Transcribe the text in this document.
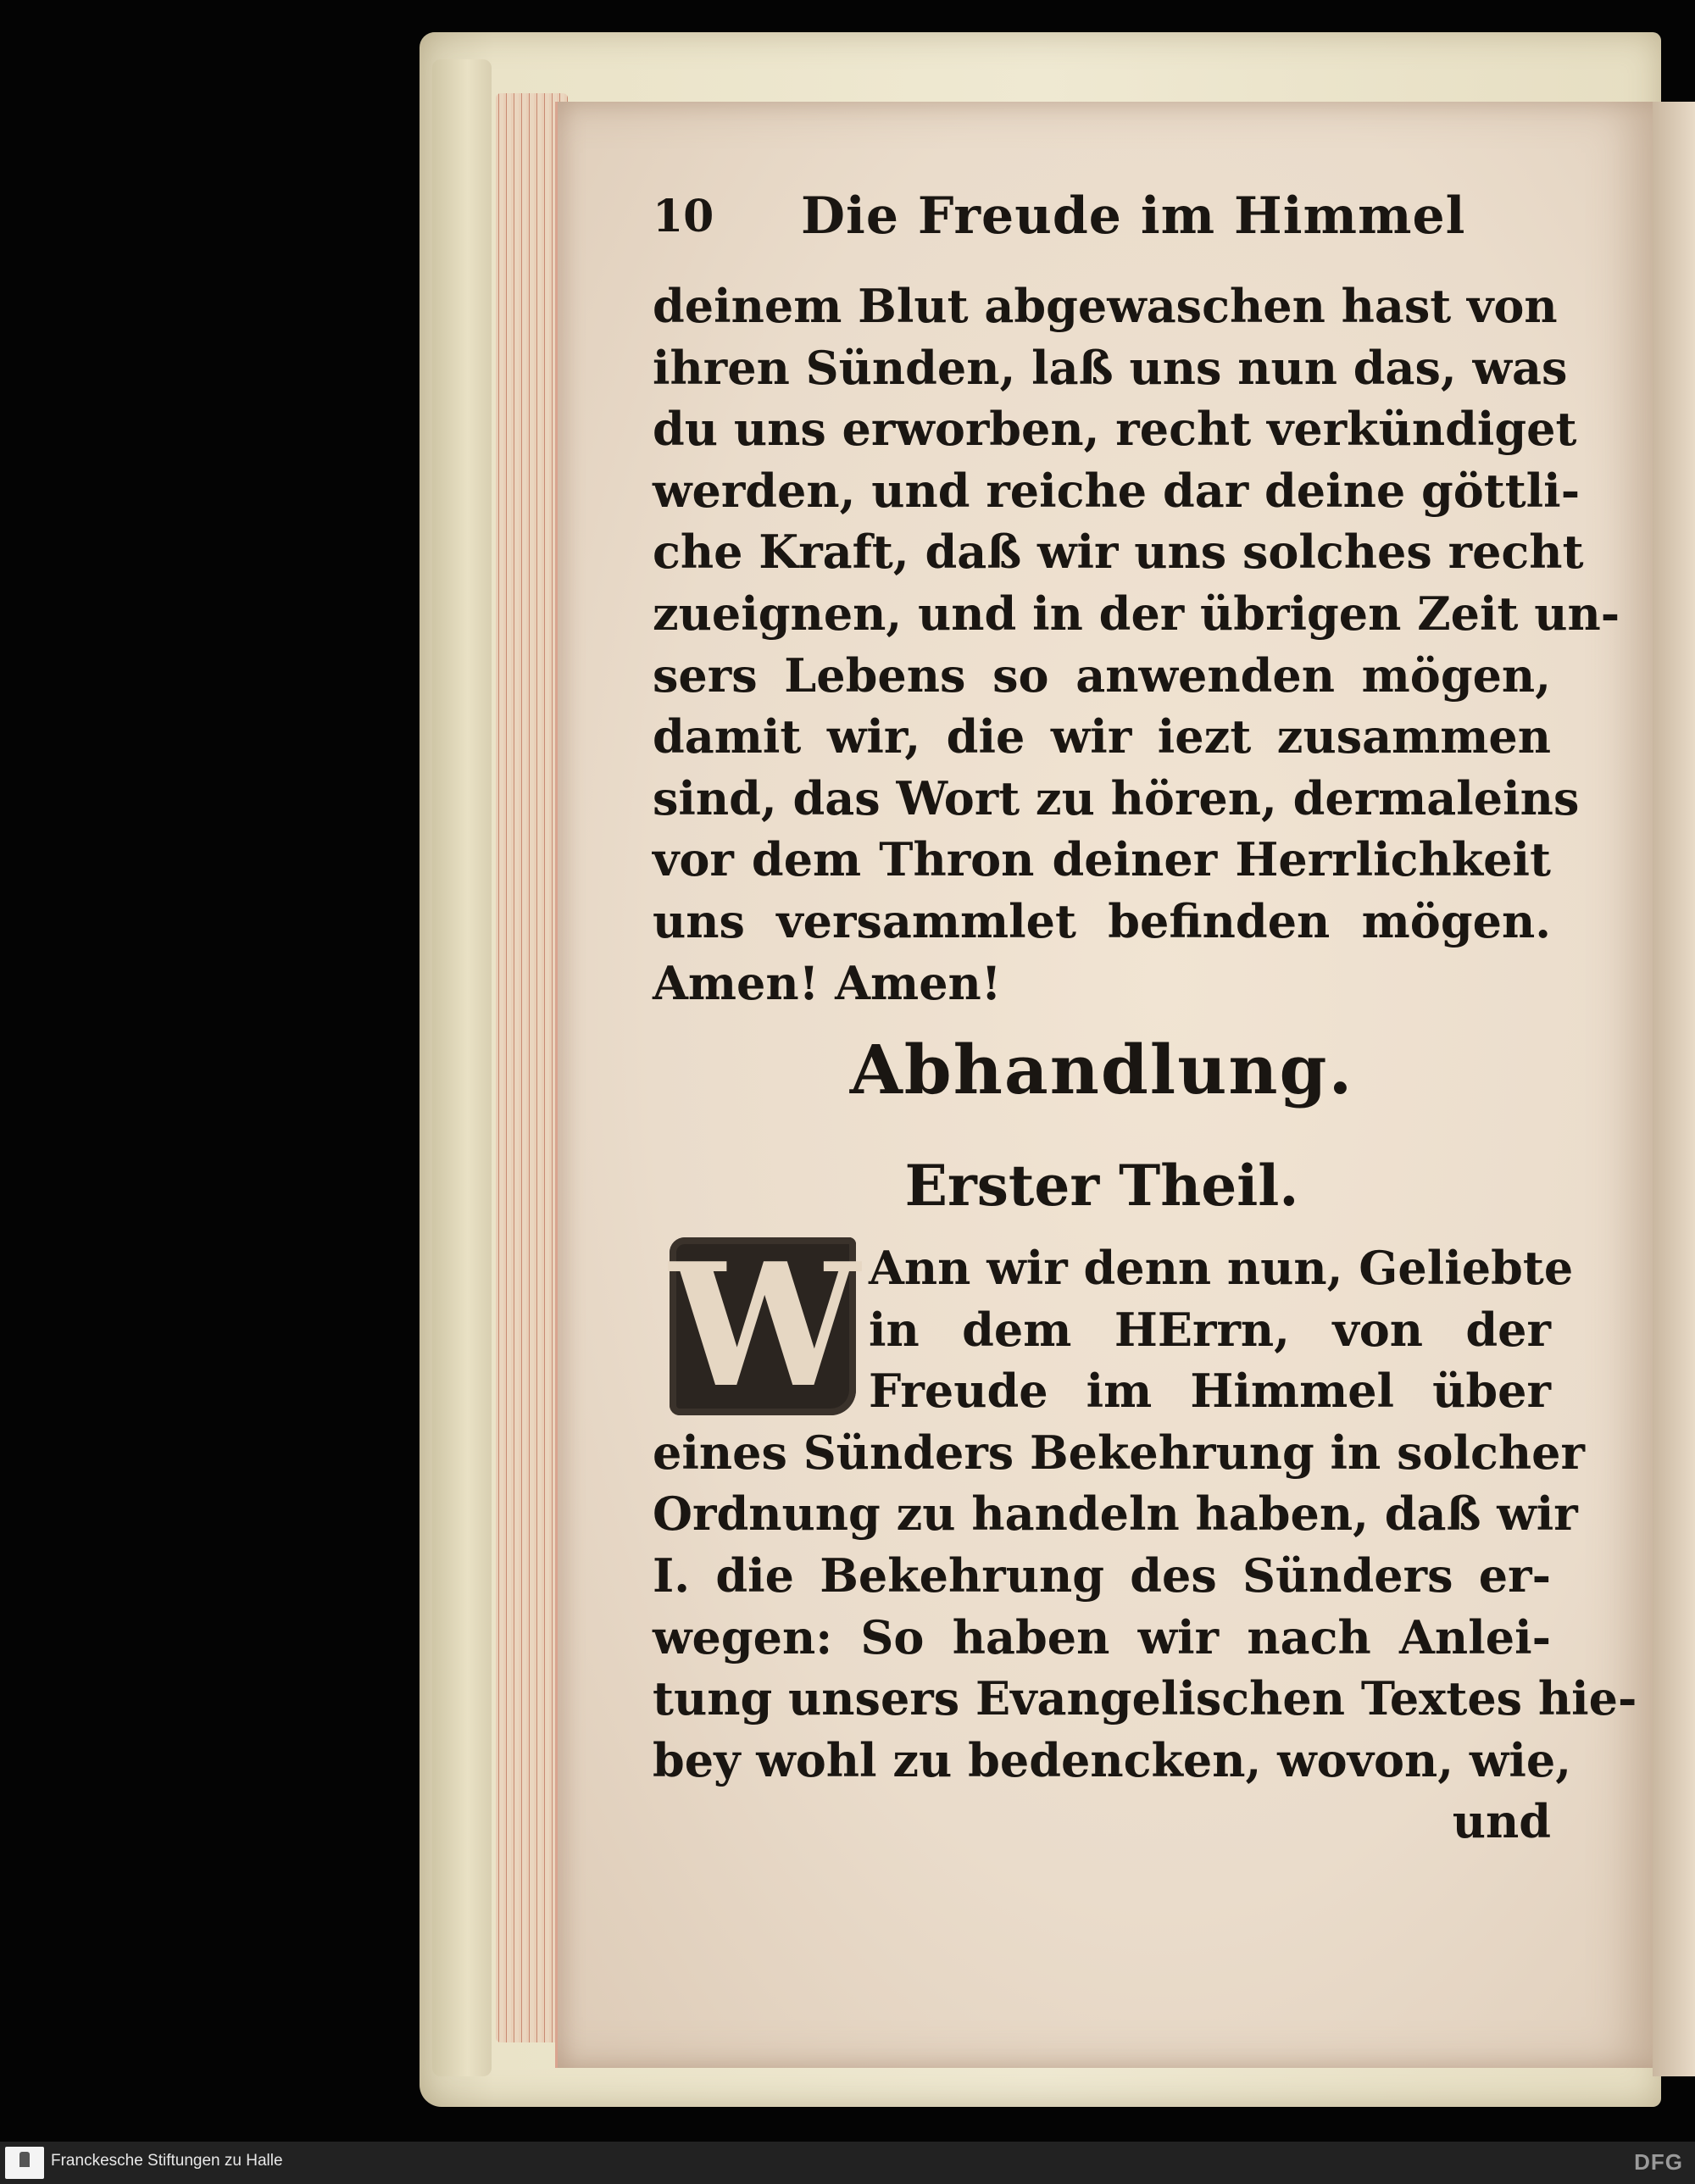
10 Die Freude im Himmel
deinem Blut abgewaschen hast von
ihren Sünden, laß uns nun das, was
du uns erworben, recht verkündiget
werden, und reiche dar deine göttli-
che Kraft, daß wir uns solches recht
zueignen, und in der übrigen Zeit un-
sers Lebens so anwenden mögen,
damit wir, die wir iezt zusammen
sind, das Wort zu hören, dermaleins
vor dem Thron deiner Herrlichkeit
uns versammlet befinden mögen.
Amen! Amen!
Abhandlung.
Erster Theil.
W Ann wir denn nun, Geliebte
in dem HErrn, von der
Freude im Himmel über
eines Sünders Bekehrung in solcher
Ordnung zu handeln haben, daß wir
I. die Bekehrung des Sünders er-
wegen: So haben wir nach Anlei-
tung unsers Evangelischen Textes hie-
bey wohl zu bedencken, wovon, wie,
und
Franckesche Stiftungen zu Halle	DFG
